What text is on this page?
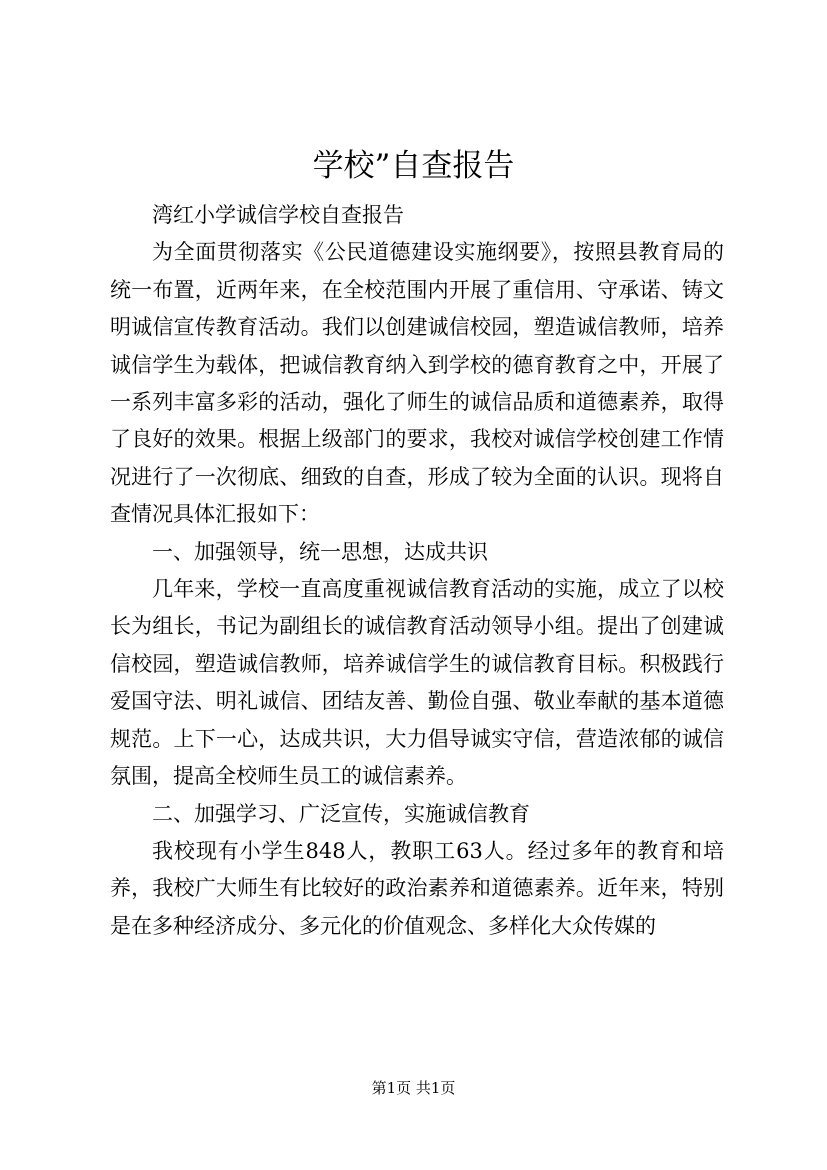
学校”自查报告

湾红小学诚信学校自查报告

为全面贯彻落实《公民道德建设实施纲要》，按照县教育局的统一布置，近两年来，在全校范围内开展了重信用、守承诺、铸文明诚信宣传教育活动。我们以创建诚信校园，塑造诚信教师，培养诚信学生为载体，把诚信教育纳入到学校的德育教育之中，开展了一系列丰富多彩的活动，强化了师生的诚信品质和道德素养，取得了良好的效果。根据上级部门的要求，我校对诚信学校创建工作情况进行了一次彻底、细致的自查，形成了较为全面的认识。现将自查情况具体汇报如下：

一、加强领导，统一思想，达成共识

几年来，学校一直高度重视诚信教育活动的实施，成立了以校长为组长，书记为副组长的诚信教育活动领导小组。提出了创建诚信校园，塑造诚信教师，培养诚信学生的诚信教育目标。积极践行爱国守法、明礼诚信、团结友善、勤俭自强、敬业奉献的基本道德规范。上下一心，达成共识，大力倡导诚实守信，营造浓郁的诚信氛围，提高全校师生员工的诚信素养。

二、加强学习、广泛宣传，实施诚信教育

我校现有小学生848人，教职工63人。经过多年的教育和培养，我校广大师生有比较好的政治素养和道德素养。近年来，特别是在多种经济成分、多元化的价值观念、多样化大众传媒的

第1页 共1页
